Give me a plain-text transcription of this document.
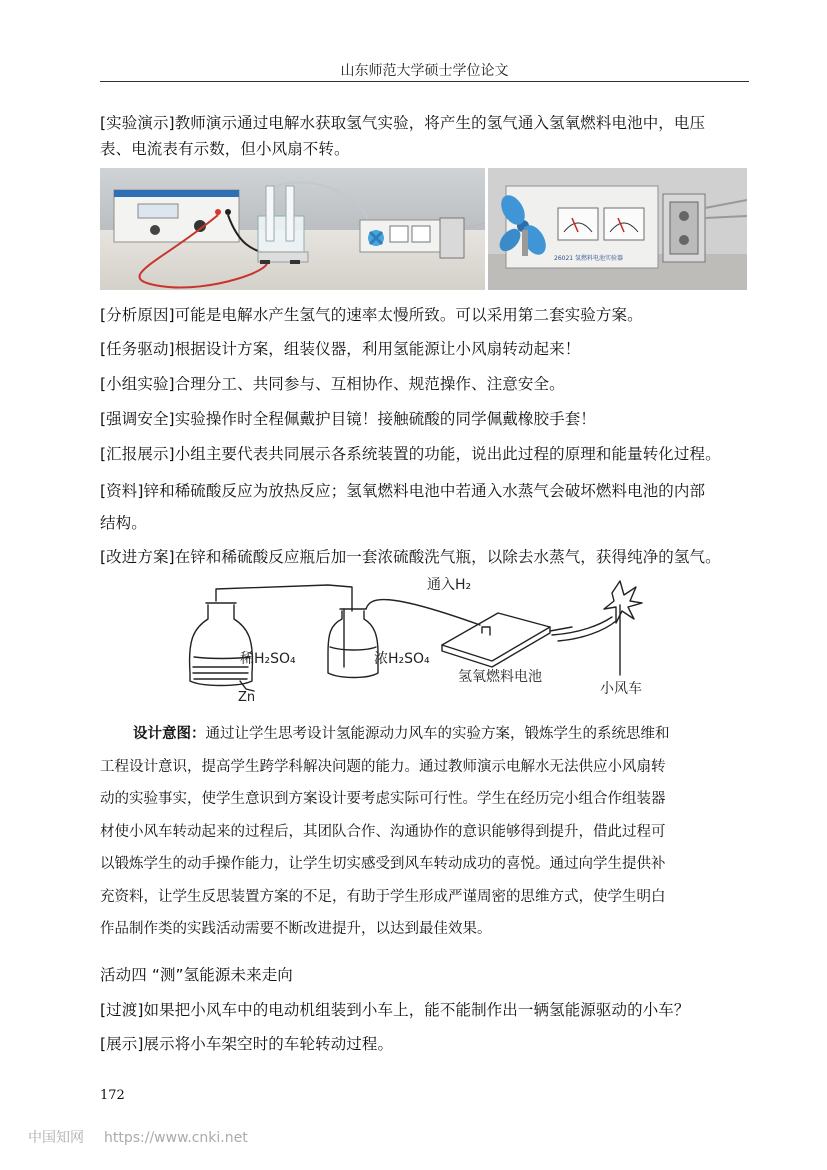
山东师范大学硕士学位论文
[实验演示]教师演示通过电解水获取氢气实验，将产生的氢气通入氢氧燃料电池中，电压
表、电流表有示数，但小风扇不转。
26021 氢燃料电池实验器
[分析原因]可能是电解水产生氢气的速率太慢所致。可以采用第二套实验方案。
[任务驱动]根据设计方案，组装仪器，利用氢能源让小风扇转动起来！
[小组实验]合理分工、共同参与、互相协作、规范操作、注意安全。
[强调安全]实验操作时全程佩戴护目镜！接触硫酸的同学佩戴橡胶手套！
[汇报展示]小组主要代表共同展示各系统装置的功能，说出此过程的原理和能量转化过程。
[资料]锌和稀硫酸反应为放热反应；氢氧燃料电池中若通入水蒸气会破坏燃料电池的内部
结构。
[改进方案]在锌和稀硫酸反应瓶后加一套浓硫酸洗气瓶，以除去水蒸气，获得纯净的氢气。
通入H₂
稀H₂SO₄
Zn
浓H₂SO₄
氢氧燃料电池
小风车
设计意图：通过让学生思考设计氢能源动力风车的实验方案，锻炼学生的系统思维和
工程设计意识，提高学生跨学科解决问题的能力。通过教师演示电解水无法供应小风扇转
动的实验事实，使学生意识到方案设计要考虑实际可行性。学生在经历完小组合作组装器
材使小风车转动起来的过程后，其团队合作、沟通协作的意识能够得到提升，借此过程可
以锻炼学生的动手操作能力，让学生切实感受到风车转动成功的喜悦。通过向学生提供补
充资料，让学生反思装置方案的不足，有助于学生形成严谨周密的思维方式，使学生明白
作品制作类的实践活动需要不断改进提升，以达到最佳效果。
活动四 “测”氢能源未来走向
[过渡]如果把小风车中的电动机组装到小车上，能不能制作出一辆氢能源驱动的小车？
[展示]展示将小车架空时的车轮转动过程。
172
中国知网 https://www.cnki.net
